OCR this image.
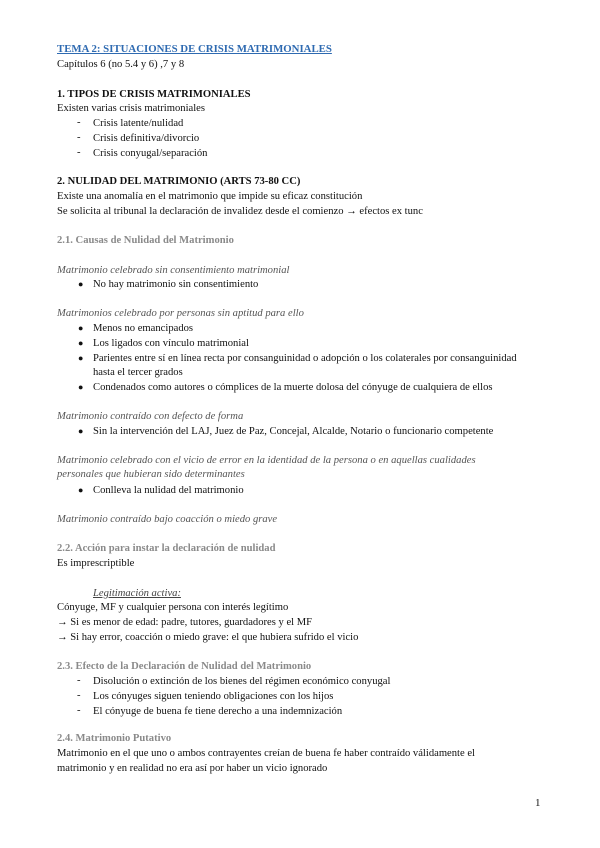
TEMA 2: SITUACIONES DE CRISIS MATRIMONIALES
Capítulos 6 (no 5.4 y 6) ,7 y 8
1. TIPOS DE CRISIS MATRIMONIALES
Existen varias crisis matrimoniales
- Crisis latente/nulidad
- Crisis definitiva/divorcio
- Crisis conyugal/separación
2. NULIDAD DEL MATRIMONIO (ARTS 73-80 CC)
Existe una anomalía en el matrimonio que impide su eficaz constitución
Se solicita al tribunal la declaración de invalidez desde el comienzo → efectos ex tunc
2.1. Causas de Nulidad del Matrimonio
Matrimonio celebrado sin consentimiento matrimonial
● No hay matrimonio sin consentimiento
Matrimonios celebrado por personas sin aptitud para ello
● Menos no emancipados
● Los ligados con vínculo matrimonial
● Parientes entre sí en línea recta por consanguinidad o adopción o los colaterales por consanguinidad
hasta el tercer grados
● Condenados como autores o cómplices de la muerte dolosa del cónyuge de cualquiera de ellos
Matrimonio contraído con defecto de forma
● Sin la intervención del LAJ, Juez de Paz, Concejal, Alcalde, Notario o funcionario competente
Matrimonio celebrado con el vicio de error en la identidad de la persona o en aquellas cualidades
personales que hubieran sido determinantes
● Conlleva la nulidad del matrimonio
Matrimonio contraído bajo coacción o miedo grave
2.2. Acción para instar la declaración de nulidad
Es imprescriptible
Legitimación activa:
Cónyuge, MF y cualquier persona con interés legítimo
→ Si es menor de edad: padre, tutores, guardadores y el MF
→ Si hay error, coacción o miedo grave: el que hubiera sufrido el vicio
2.3. Efecto de la Declaración de Nulidad del Matrimonio
- Disolución o extinción de los bienes del régimen económico conyugal
- Los cónyuges siguen teniendo obligaciones con los hijos
- El cónyuge de buena fe tiene derecho a una indemnización
2.4. Matrimonio Putativo
Matrimonio en el que uno o ambos contrayentes creían de buena fe haber contraído válidamente el
matrimonio y en realidad no era así por haber un vicio ignorado
1
